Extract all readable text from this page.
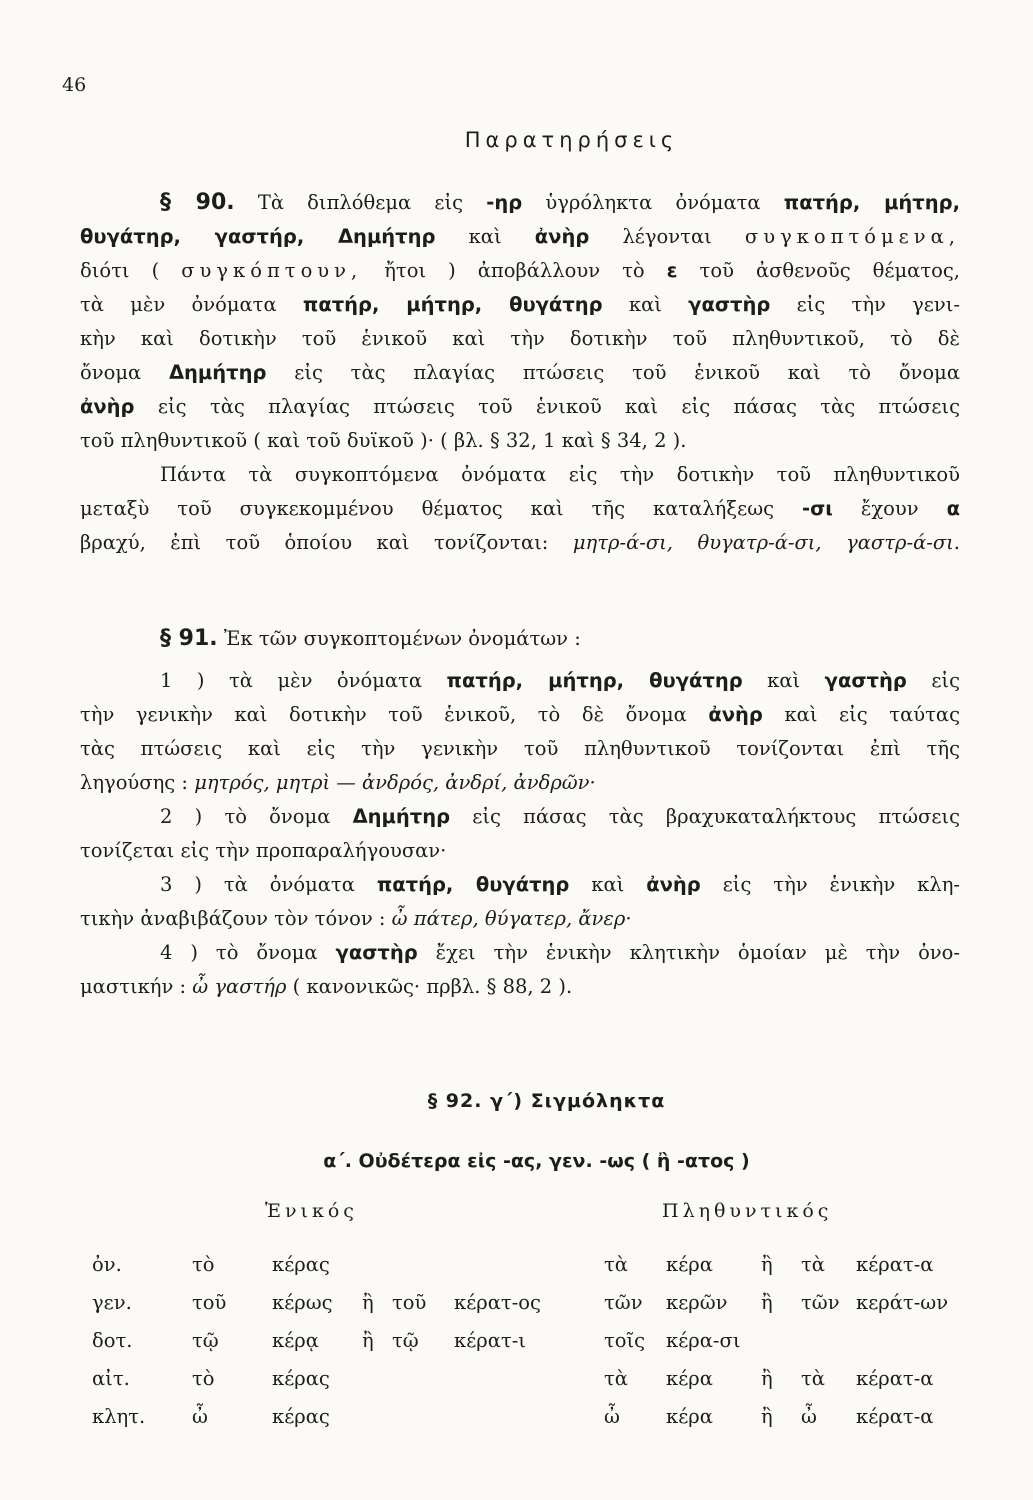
46
Παρατηρήσεις
§ 90. Τὰ διπλόθεμα εἰς -ηρ ὑγρόληκτα ὀνόματα πατήρ, μήτηρ,
θυγάτηρ, γαστήρ, Δημήτηρ καὶ ἀνὴρ λέγονται συγκοπτόμενα,
διότι ( συγκόπτουν, ἤτοι ) ἀποβάλλουν τὸ ε τοῦ ἀσθενοῦς θέματος,
τὰ μὲν ὀνόματα πατήρ, μήτηρ, θυγάτηρ καὶ γαστὴρ εἰς τὴν γενι-
κὴν καὶ δοτικὴν τοῦ ἑνικοῦ καὶ τὴν δοτικὴν τοῦ πληθυντικοῦ, τὸ δὲ
ὄνομα Δημήτηρ εἰς τὰς πλαγίας πτώσεις τοῦ ἑνικοῦ καὶ τὸ ὄνομα
ἀνὴρ εἰς τὰς πλαγίας πτώσεις τοῦ ἑνικοῦ καὶ εἰς πάσας τὰς πτώσεις
τοῦ πληθυντικοῦ ( καὶ τοῦ δυϊκοῦ )· ( βλ. § 32, 1 καὶ § 34, 2 ).
Πάντα τὰ συγκοπτόμενα ὀνόματα εἰς τὴν δοτικὴν τοῦ πληθυντικοῦ
μεταξὺ τοῦ συγκεκομμένου θέματος καὶ τῆς καταλήξεως -σι ἔχουν α
βραχύ, ἐπὶ τοῦ ὁποίου καὶ τονίζονται: μητρ-ά-σι, θυγατρ-ά-σι, γαστρ-ά-σι.
§ 91. Ἐκ τῶν συγκοπτομένων ὀνομάτων :
1 ) τὰ μὲν ὀνόματα πατήρ, μήτηρ, θυγάτηρ καὶ γαστὴρ εἰς
τὴν γενικὴν καὶ δοτικὴν τοῦ ἑνικοῦ, τὸ δὲ ὄνομα ἀνὴρ καὶ εἰς ταύτας
τὰς πτώσεις καὶ εἰς τὴν γενικὴν τοῦ πληθυντικοῦ τονίζονται ἐπὶ τῆς
ληγούσης : μητρός, μητρὶ — ἀνδρός, ἀνδρί, ἀνδρῶν·
2 ) τὸ ὄνομα Δημήτηρ εἰς πάσας τὰς βραχυκαταλήκτους πτώσεις
τονίζεται εἰς τὴν προπαραλήγουσαν·
3 ) τὰ ὀνόματα πατήρ, θυγάτηρ καὶ ἀνὴρ εἰς τὴν ἑνικὴν κλη-
τικὴν ἀναβιβάζουν τὸν τόνον : ὦ πάτερ, θύγατερ, ἄνερ·
4 ) τὸ ὄνομα γαστὴρ ἔχει τὴν ἑνικὴν κλητικὴν ὁμοίαν μὲ τὴν ὀνο-
μαστικήν : ὦ γαστήρ ( κανονικῶς· πρβλ. § 88, 2 ).
§ 92. γ΄) Σιγμόληκτα
α΄. Οὐδέτερα εἰς -ας, γεν. -ως ( ἢ -ατος )
Ἑνικός	Πληθυντικός
ὀν.	τὸ	κέρας				τὰ	κέρα	ἢ	τὰ	κέρατ-α
γεν.	τοῦ	κέρως	ἢ	τοῦ	κέρατ-ος	τῶν	κερῶν	ἢ	τῶν	κεράτ-ων
δοτ.	τῷ	κέρᾳ	ἢ	τῷ	κέρατ-ι	τοῖς	κέρα-σι			
αἰτ.	τὸ	κέρας				τὰ	κέρα	ἢ	τὰ	κέρατ-α
κλητ.	ὦ	κέρας				ὦ	κέρα	ἢ	ὦ	κέρατ-α
